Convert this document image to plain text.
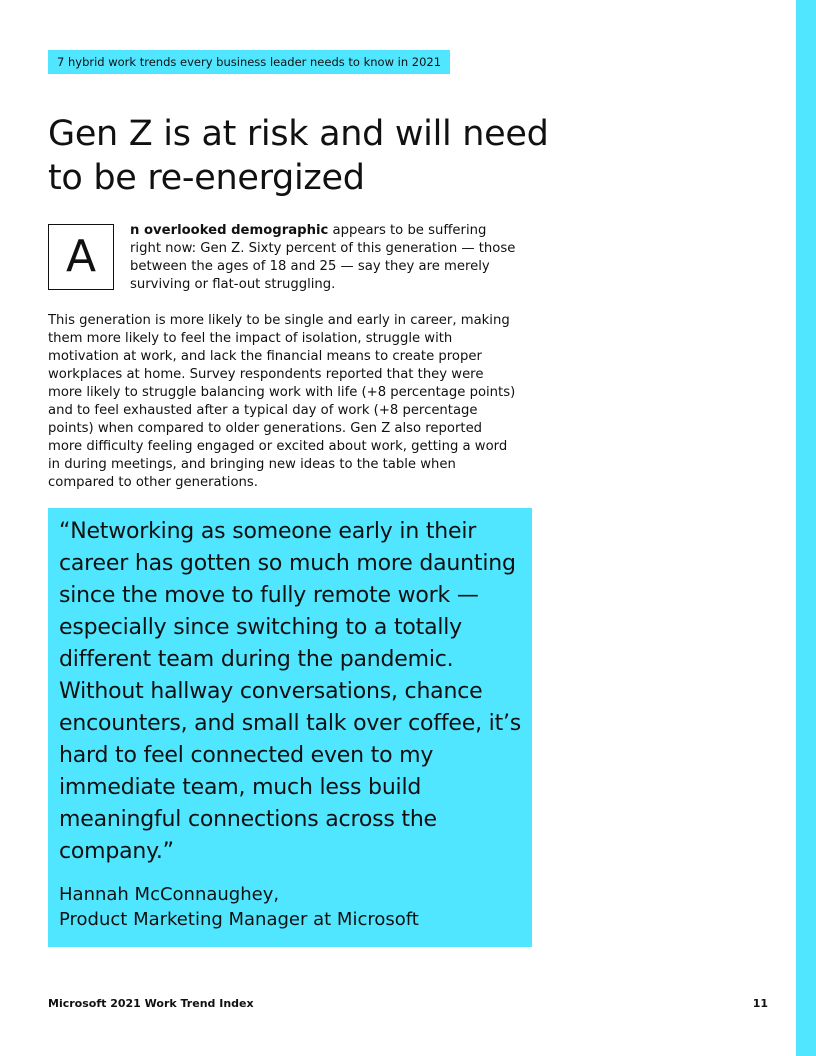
7 hybrid work trends every business leader needs to know in 2021
Gen Z is at risk and will need to be re-energized
A

n overlooked demographic appears to be suffering right now: Gen Z. Sixty percent of this generation — those between the ages of 18 and 25 — say they are merely surviving or flat-out struggling.

This generation is more likely to be single and early in career, making them more likely to feel the impact of isolation, struggle with motivation at work, and lack the financial means to create proper workplaces at home. Survey respondents reported that they were more likely to struggle balancing work with life (+8 percentage points) and to feel exhausted after a typical day of work (+8 percentage points) when compared to older generations. Gen Z also reported more difficulty feeling engaged or excited about work, getting a word in during meetings, and bringing new ideas to the table when compared to other generations.

“Networking as someone early in their career has gotten so much more daunting since the move to fully remote work — especially since switching to a totally different team during the pandemic. Without hallway conversations, chance encounters, and small talk over coffee, it’s hard to feel connected even to my immediate team, much less build meaningful connections across the company.”

Hannah McConnaughey,
Product Marketing Manager at Microsoft

Microsoft 2021 Work Trend Index	11
